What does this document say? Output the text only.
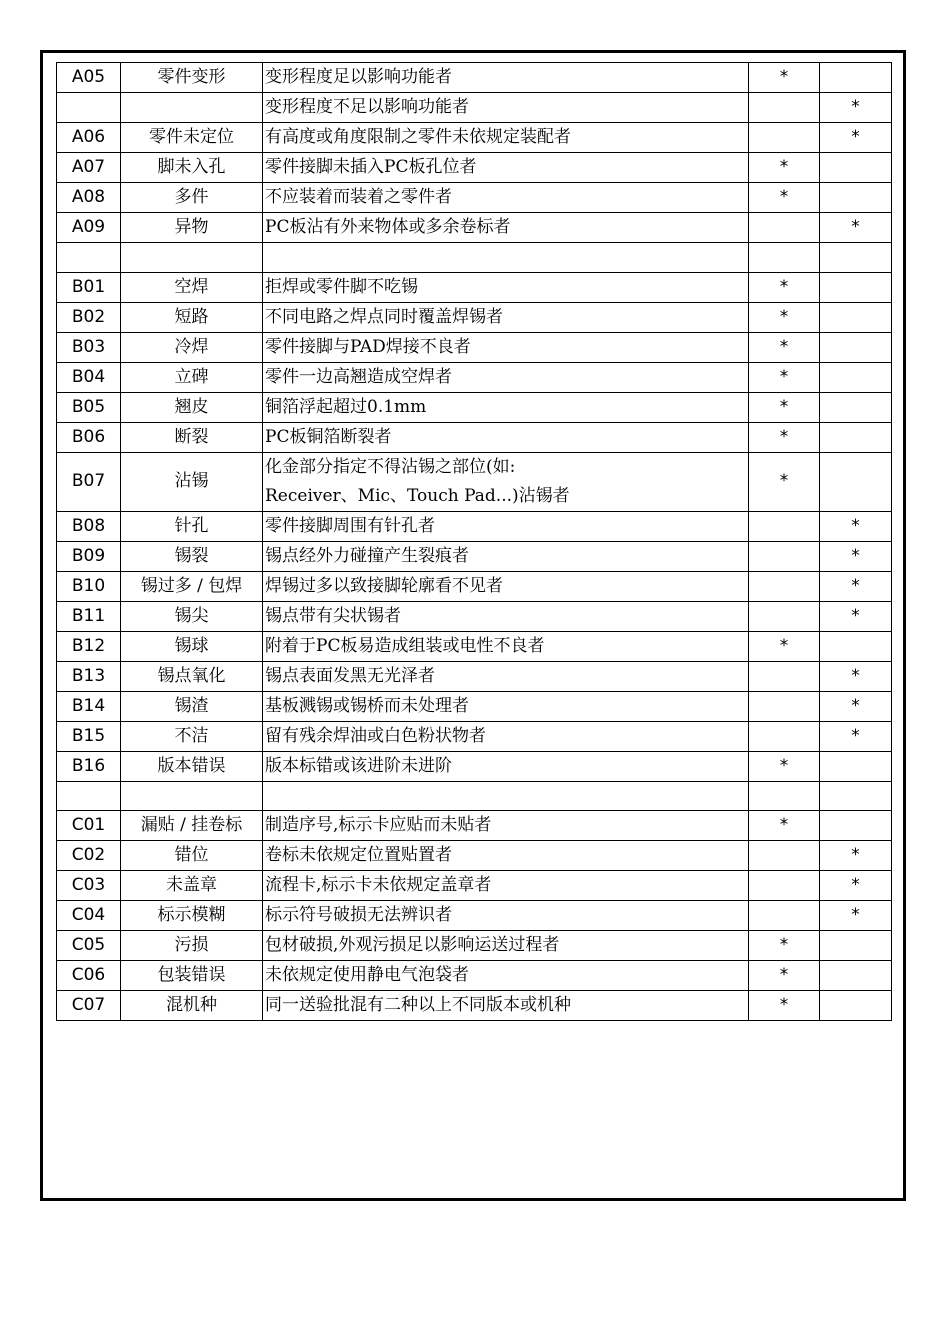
A05	零件变形	变形程度足以影响功能者	*	

		变形程度不足以影响功能者		*
A06	零件未定位	有高度或角度限制之零件未依规定装配者		*
A07	脚未入孔	零件接脚未插入PC板孔位者	*	
A08	多件	不应装着而装着之零件者	*	
A09	异物	PC板沾有外来物体或多余卷标者		*

B01	空焊	拒焊或零件脚不吃锡	*	
B02	短路	不同电路之焊点同时覆盖焊锡者	*	
B03	冷焊	零件接脚与PAD焊接不良者	*	
B04	立碑	零件一边高翘造成空焊者	*	
B05	翘皮	铜箔浮起超过0.1mm	*	
B06	断裂	PC板铜箔断裂者	*	
B07	沾锡	化金部分指定不得沾锡之部位(如:
Receiver、Mic、Touch Pad...)沾锡者	*	
B08	针孔	零件接脚周围有针孔者		*
B09	锡裂	锡点经外力碰撞产生裂痕者		*
B10	锡过多 / 包焊	焊锡过多以致接脚轮廓看不见者		*
B11	锡尖	锡点带有尖状锡者		*
B12	锡球	附着于PC板易造成组装或电性不良者	*	
B13	锡点氧化	锡点表面发黑无光泽者		*
B14	锡渣	基板溅锡或锡桥而未处理者		*
B15	不洁	留有残余焊油或白色粉状物者		*
B16	版本错误	版本标错或该进阶未进阶	*	

C01	漏贴 / 挂卷标	制造序号,标示卡应贴而未贴者	*	
C02	错位	卷标未依规定位置贴置者		*
C03	未盖章	流程卡,标示卡未依规定盖章者		*
C04	标示模糊	标示符号破损无法辨识者		*
C05	污损	包材破损,外观污损足以影响运送过程者	*	
C06	包装错误	未依规定使用静电气泡袋者	*	
C07	混机种	同一送验批混有二种以上不同版本或机种	*	
